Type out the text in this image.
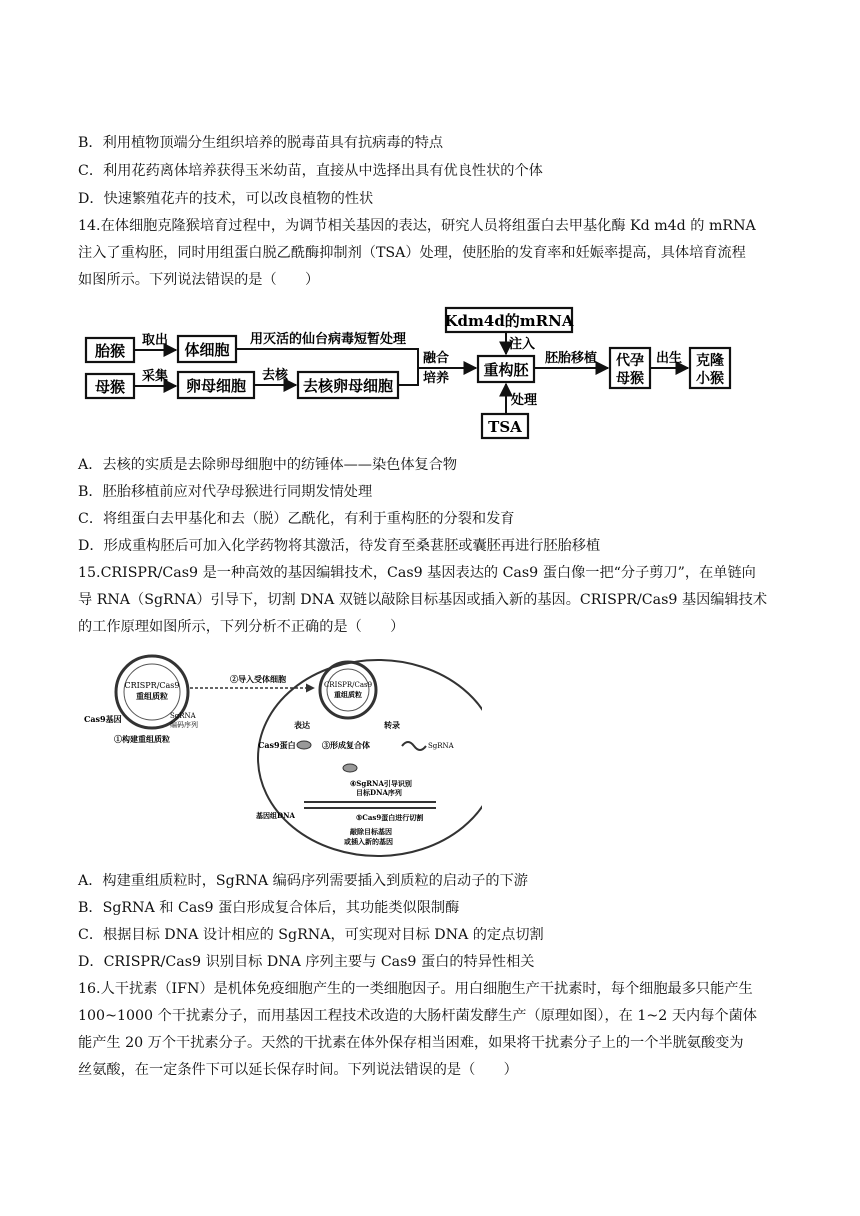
B．利用植物顶端分生组织培养的脱毒苗具有抗病毒的特点
C．利用花药离体培养获得玉米幼苗，直接从中选择出具有优良性状的个体
D．快速繁殖花卉的技术，可以改良植物的性状
14.在体细胞克隆猴培育过程中，为调节相关基因的表达，研究人员将组蛋白去甲基化酶 Kd m4d 的 mRNA
注入了重构胚，同时用组蛋白脱乙酰酶抑制剂（TSA）处理，使胚胎的发育率和妊娠率提高，具体培育流程
如图所示。下列说法错误的是（　　）
胎猴	体细胞
母猴	卵母细胞	去核卵母细胞
Kdm4d的mRNA
重构胚
TSA
代孕
母猴
克隆
小猴
取出	用灭活的仙台病毒短暂处理
采集	去核
融合
培养
注入
处理
胚胎移植	出生
A．去核的实质是去除卵母细胞中的纺锤体——染色体复合物
B．胚胎移植前应对代孕母猴进行同期发情处理
C．将组蛋白去甲基化和去（脱）乙酰化，有利于重构胚的分裂和发育
D．形成重构胚后可加入化学药物将其激活，待发育至桑葚胚或囊胚再进行胚胎移植
15.CRISPR/Cas9 是一种高效的基因编辑技术，Cas9 基因表达的 Cas9 蛋白像一把“分子剪刀”，在单链向
导 RNA（SgRNA）引导下，切割 DNA 双链以敲除目标基因或插入新的基因。CRISPR/Cas9 基因编辑技术
的工作原理如图所示，下列分析不正确的是（　　）
CRISPR/Cas9
重组质粒
Cas9基因	SgRNA
编码序列
①构建重组质粒
②导入受体细胞
CRISPR/Cas9
重组质粒
表达	转录
Cas9蛋白	③形成复合体	SgRNA
④SgRNA引导识别
目标DNA序列
基因组DNA	⑤Cas9蛋白进行切割
敲除目标基因
或插入新的基因
A．构建重组质粒时，SgRNA 编码序列需要插入到质粒的启动子的下游
B．SgRNA 和 Cas9 蛋白形成复合体后，其功能类似限制酶
C．根据目标 DNA 设计相应的 SgRNA，可实现对目标 DNA 的定点切割
D．CRISPR/Cas9 识别目标 DNA 序列主要与 Cas9 蛋白的特异性相关
16.人干扰素（IFN）是机体免疫细胞产生的一类细胞因子。用白细胞生产干扰素时，每个细胞最多只能产生
100~1000 个干扰素分子，而用基因工程技术改造的大肠杆菌发酵生产（原理如图），在 1~2 天内每个菌体
能产生 20 万个干扰素分子。天然的干扰素在体外保存相当困难，如果将干扰素分子上的一个半胱氨酸变为
丝氨酸，在一定条件下可以延长保存时间。下列说法错误的是（　　）
